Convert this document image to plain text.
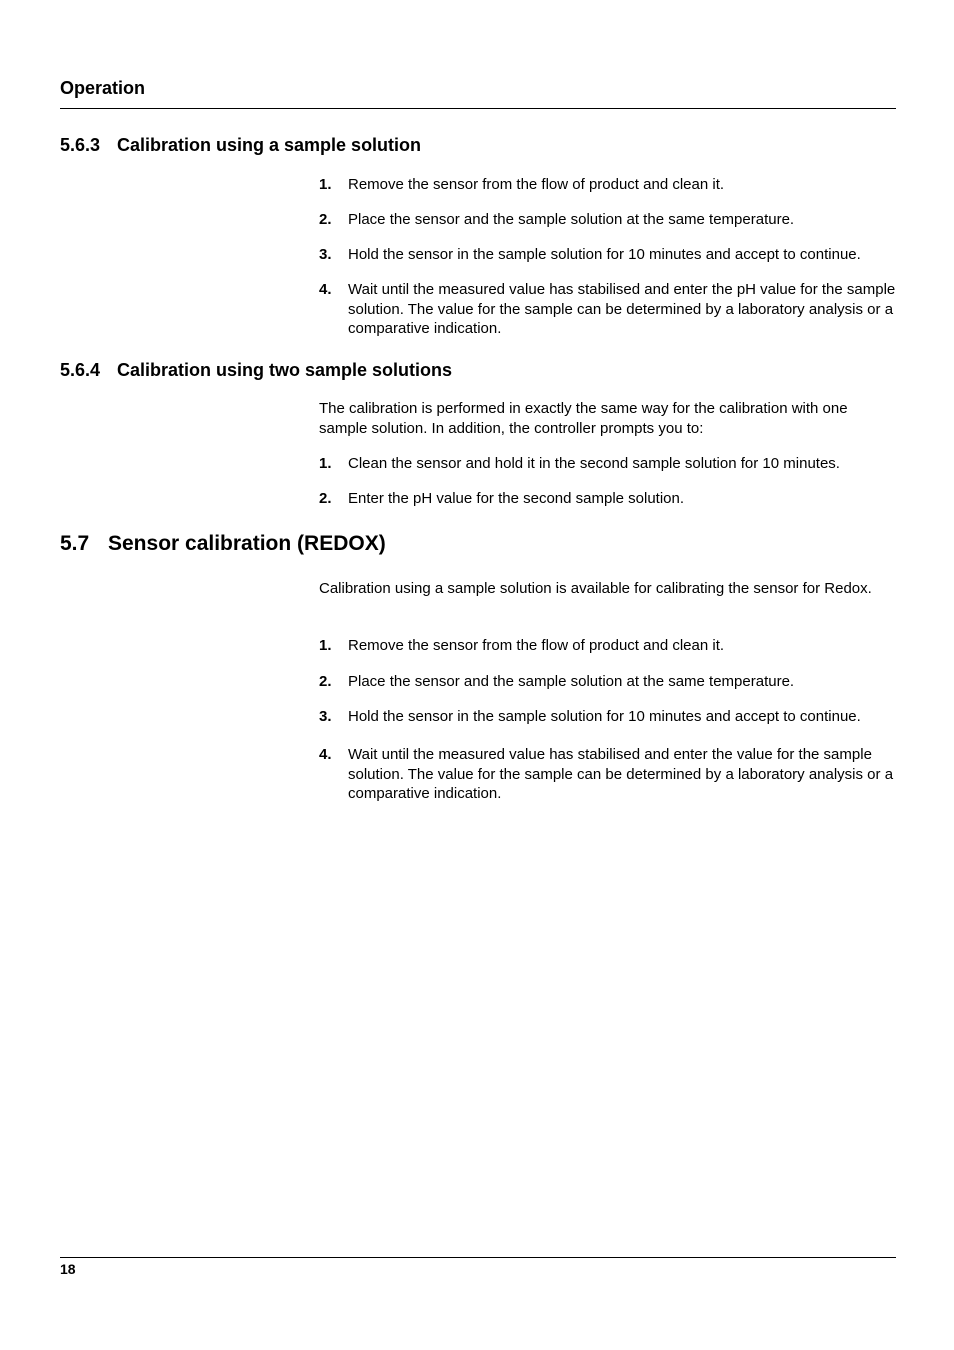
Operation
5.6.3 Calibration using a sample solution
1. Remove the sensor from the flow of product and clean it.
2. Place the sensor and the sample solution at the same temperature.
3. Hold the sensor in the sample solution for 10 minutes and accept to continue.
4. Wait until the measured value has stabilised and enter the pH value for the sample solution. The value for the sample can be determined by a laboratory analysis or a comparative indication.
5.6.4 Calibration using two sample solutions
The calibration is performed in exactly the same way for the calibration with one sample solution. In addition, the controller prompts you to:
1. Clean the sensor and hold it in the second sample solution for 10 minutes.
2. Enter the pH value for the second sample solution.
5.7 Sensor calibration (REDOX)
Calibration using a sample solution is available for calibrating the sensor for Redox.
1. Remove the sensor from the flow of product and clean it.
2. Place the sensor and the sample solution at the same temperature.
3. Hold the sensor in the sample solution for 10 minutes and accept to continue.
4. Wait until the measured value has stabilised and enter the value for the sample solution. The value for the sample can be determined by a laboratory analysis or a comparative indication.
18
